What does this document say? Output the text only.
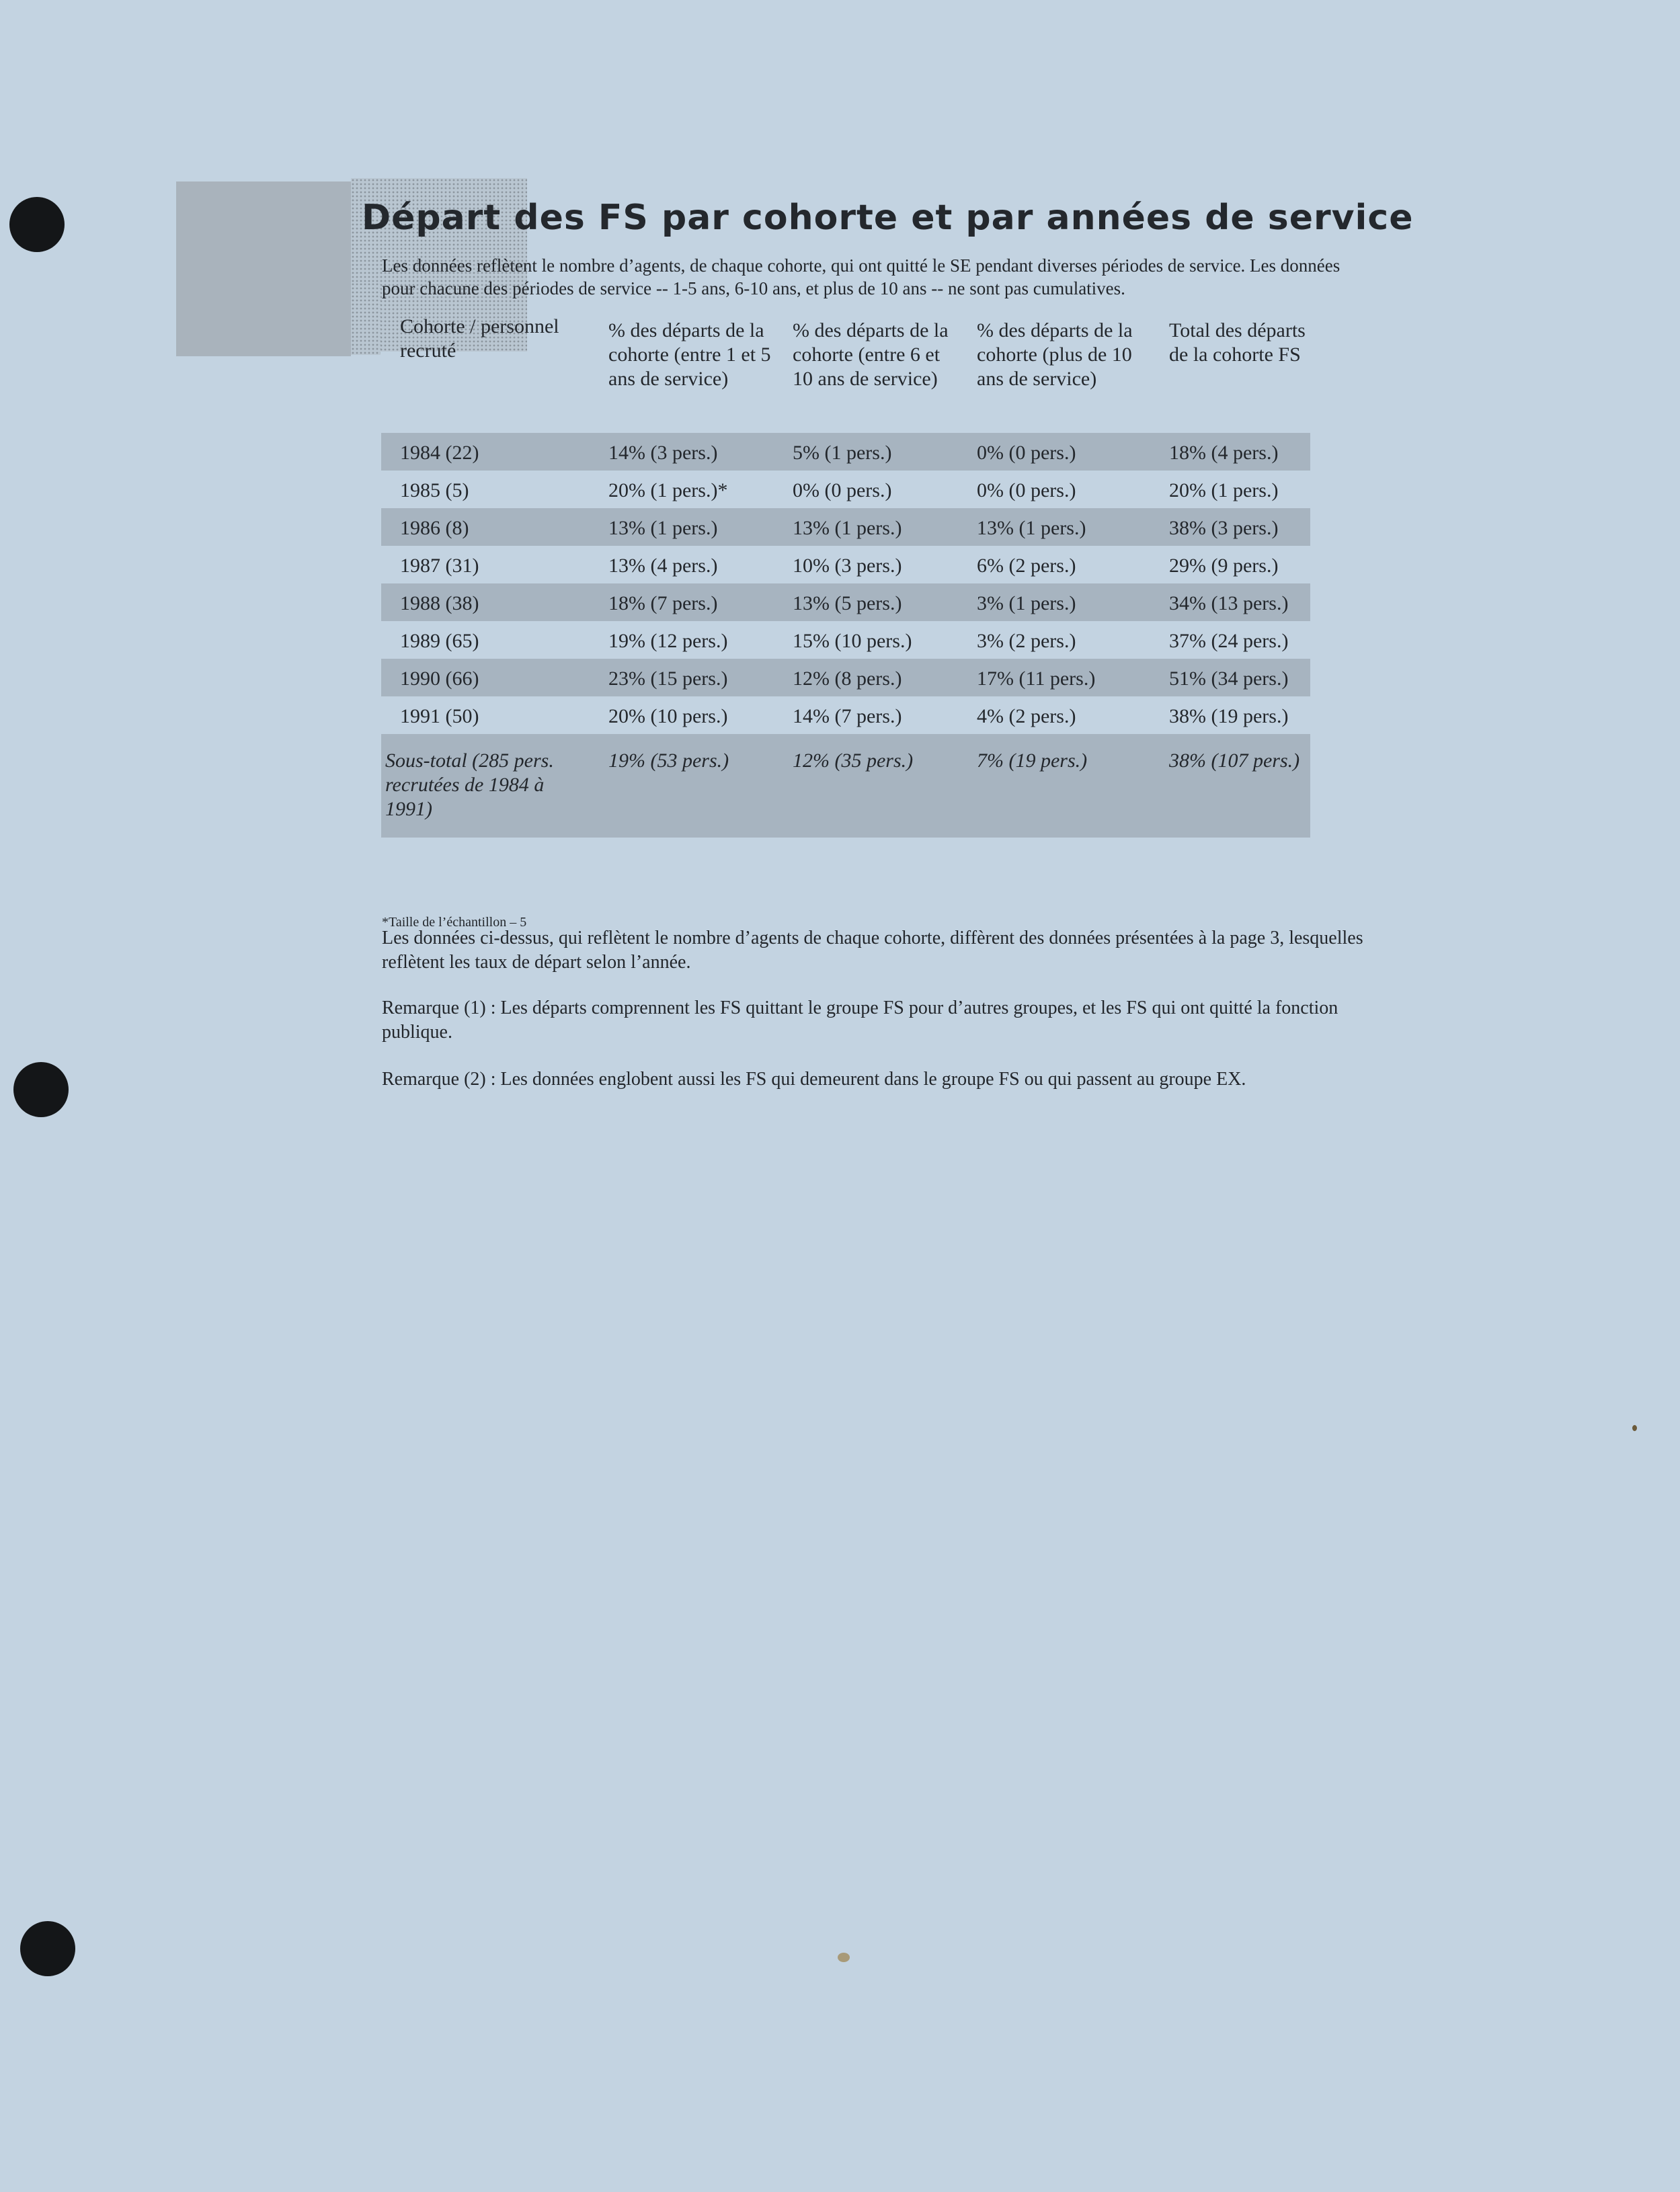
Départ des FS par cohorte et par années de service

Les données reflètent le nombre d’agents, de chaque cohorte, qui ont quitté le SE pendant diverses périodes de service. Les données pour chacune des périodes de service -- 1-5 ans, 6-10 ans, et plus de 10 ans -- ne sont pas cumulatives.

Cohorte / personnel recruté	% des départs de la cohorte (entre 1 et 5 ans de service)	% des départs de la cohorte (entre 6 et 10 ans de service)	% des départs de la cohorte (plus de 10 ans de service)	Total des départs de la cohorte FS
1984 (22)	14% (3 pers.)	5% (1 pers.)	0% (0 pers.)	18% (4 pers.)
1985 (5)	20% (1 pers.)*	0% (0 pers.)	0% (0 pers.)	20% (1 pers.)
1986 (8)	13% (1 pers.)	13% (1 pers.)	13% (1 pers.)	38% (3 pers.)
1987 (31)	13% (4 pers.)	10% (3 pers.)	6% (2 pers.)	29% (9 pers.)
1988 (38)	18% (7 pers.)	13% (5 pers.)	3% (1 pers.)	34% (13 pers.)
1989 (65)	19% (12 pers.)	15% (10 pers.)	3% (2 pers.)	37% (24 pers.)
1990 (66)	23% (15 pers.)	12% (8 pers.)	17% (11 pers.)	51% (34 pers.)
1991 (50)	20% (10 pers.)	14% (7 pers.)	4% (2 pers.)	38% (19 pers.)
Sous-total (285 pers. recrutées de 1984 à 1991)	19% (53 pers.)	12% (35 pers.)	7% (19 pers.)	38% (107 pers.)

*Taille de l’échantillon – 5

Les données ci-dessus, qui reflètent le nombre d’agents de chaque cohorte, diffèrent des données présentées à la page 3, lesquelles reflètent les taux de départ selon l’année.

Remarque (1) : Les départs comprennent les FS quittant le groupe FS pour d’autres groupes, et les FS qui ont quitté la fonction publique.

Remarque (2) : Les données englobent aussi les FS qui demeurent dans le groupe FS ou qui passent au groupe EX.
